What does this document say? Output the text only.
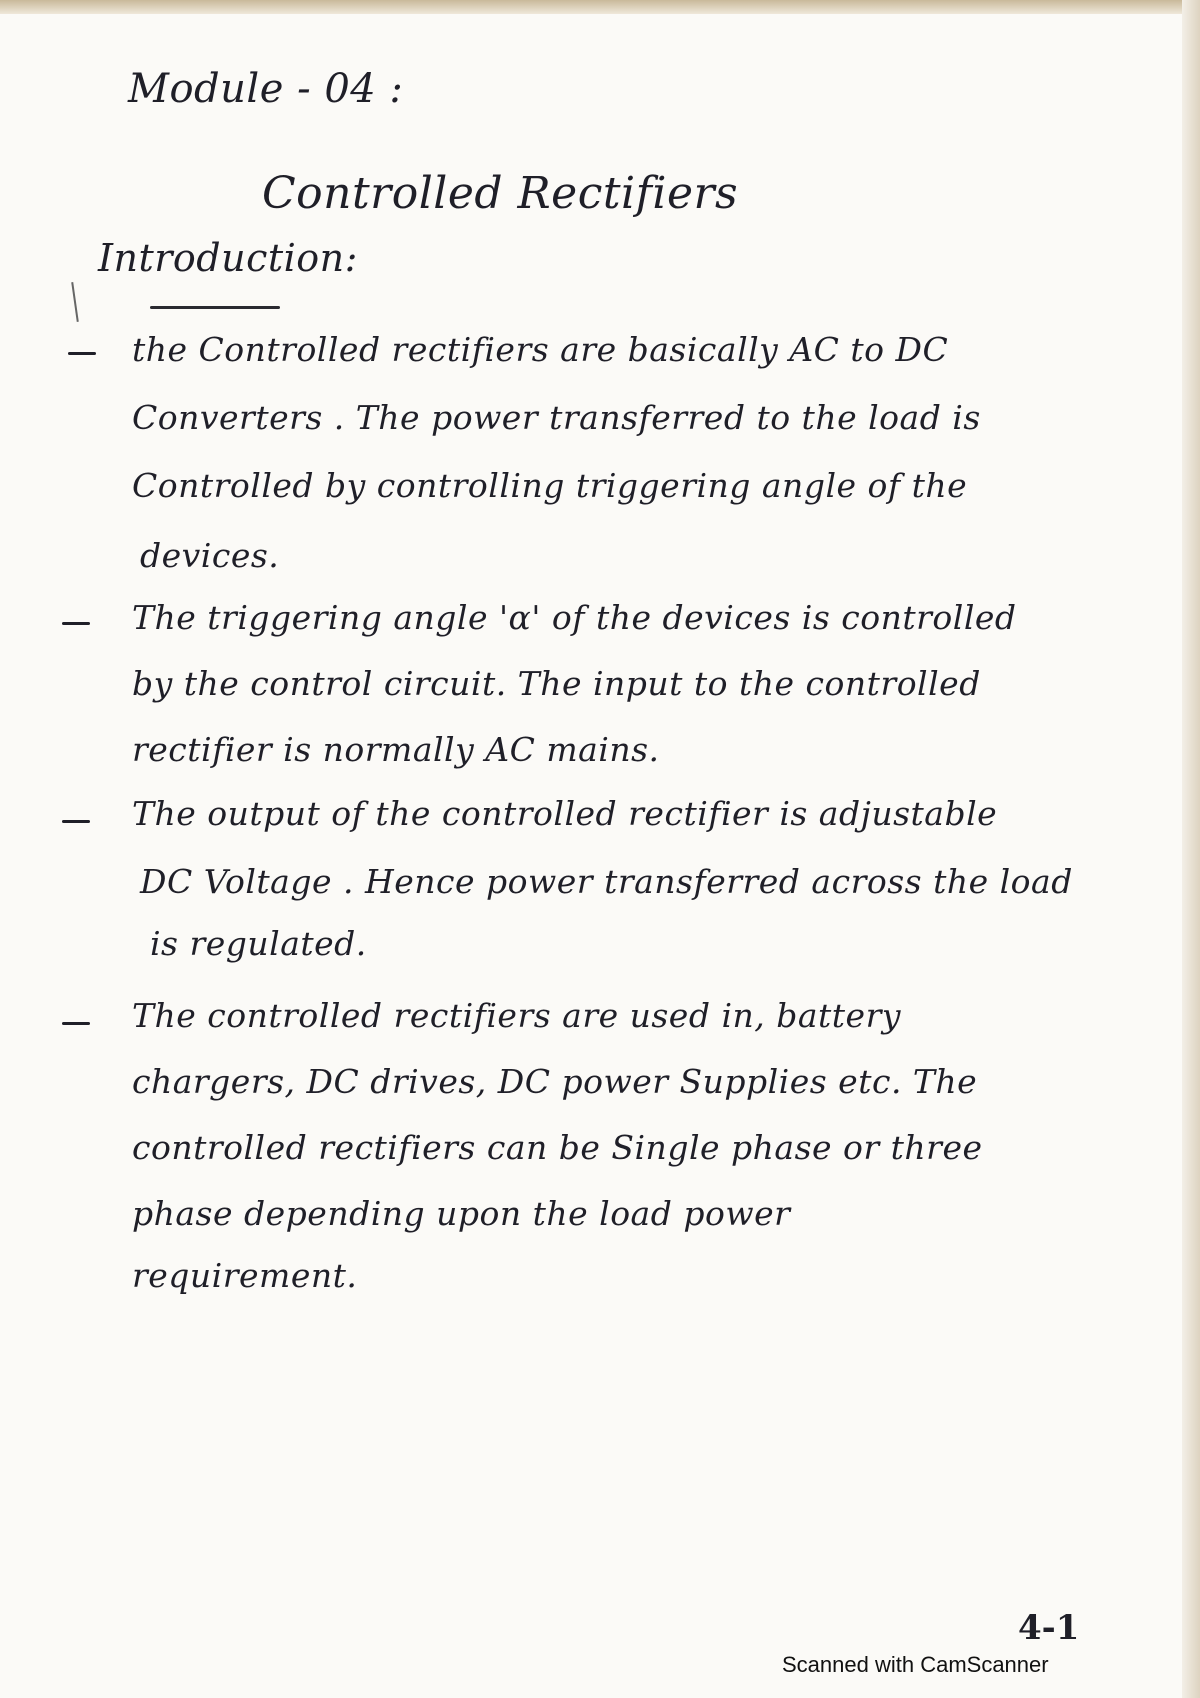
Module - 04 :
Controlled Rectifiers
Introduction:
the Controlled rectifiers are basically AC to DC
Converters . The power transferred to the load is
Controlled by controlling triggering angle of the
devices.
The triggering angle 'α' of the devices is controlled
by the control circuit. The input to the controlled
rectifier is normally AC mains.
The output of the controlled rectifier is adjustable
DC Voltage . Hence power transferred across the load
is regulated.
The controlled rectifiers are used in, battery
chargers, DC drives, DC power Supplies etc. The
controlled rectifiers can be Single phase or three
phase depending upon the load power
requirement.
4-1
Scanned with CamScanner
